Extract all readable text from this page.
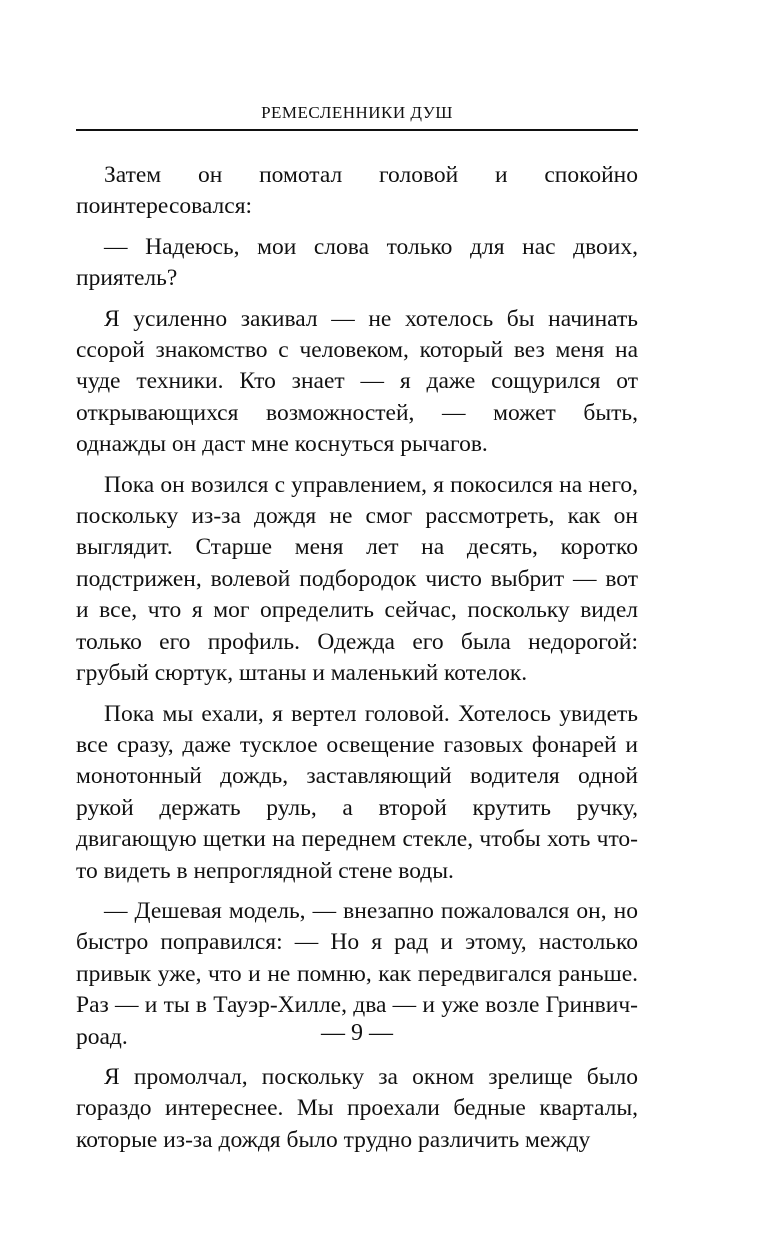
РЕМЕСЛЕННИКИ ДУШ

Затем он помотал головой и спокойно поинтересовался:

— Надеюсь, мои слова только для нас двоих, приятель?

Я усиленно закивал — не хотелось бы начинать ссорой знакомство с человеком, который вез меня на чуде техники. Кто знает — я даже сощурился от открывающихся возможностей, — может быть, однажды он даст мне коснуться рычагов.

Пока он возился с управлением, я покосился на него, поскольку из-за дождя не смог рассмотреть, как он выглядит. Старше меня лет на десять, коротко подстрижен, волевой подбородок чисто выбрит — вот и все, что я мог определить сейчас, поскольку видел только его профиль. Одежда его была недорогой: грубый сюртук, штаны и маленький котелок.

Пока мы ехали, я вертел головой. Хотелось увидеть все сразу, даже тусклое освещение газовых фонарей и монотонный дождь, заставляющий водителя одной рукой держать руль, а второй крутить ручку, двигающую щетки на переднем стекле, чтобы хоть что-то видеть в непроглядной стене воды.

— Дешевая модель, — внезапно пожаловался он, но быстро поправился: — Но я рад и этому, настолько привык уже, что и не помню, как передвигался раньше. Раз — и ты в Тауэр-Хилле, два — и уже возле Гринвич-роад.

Я промолчал, поскольку за окном зрелище было гораздо интереснее. Мы проехали бедные кварталы, которые из-за дождя было трудно различить между

— 9 —
